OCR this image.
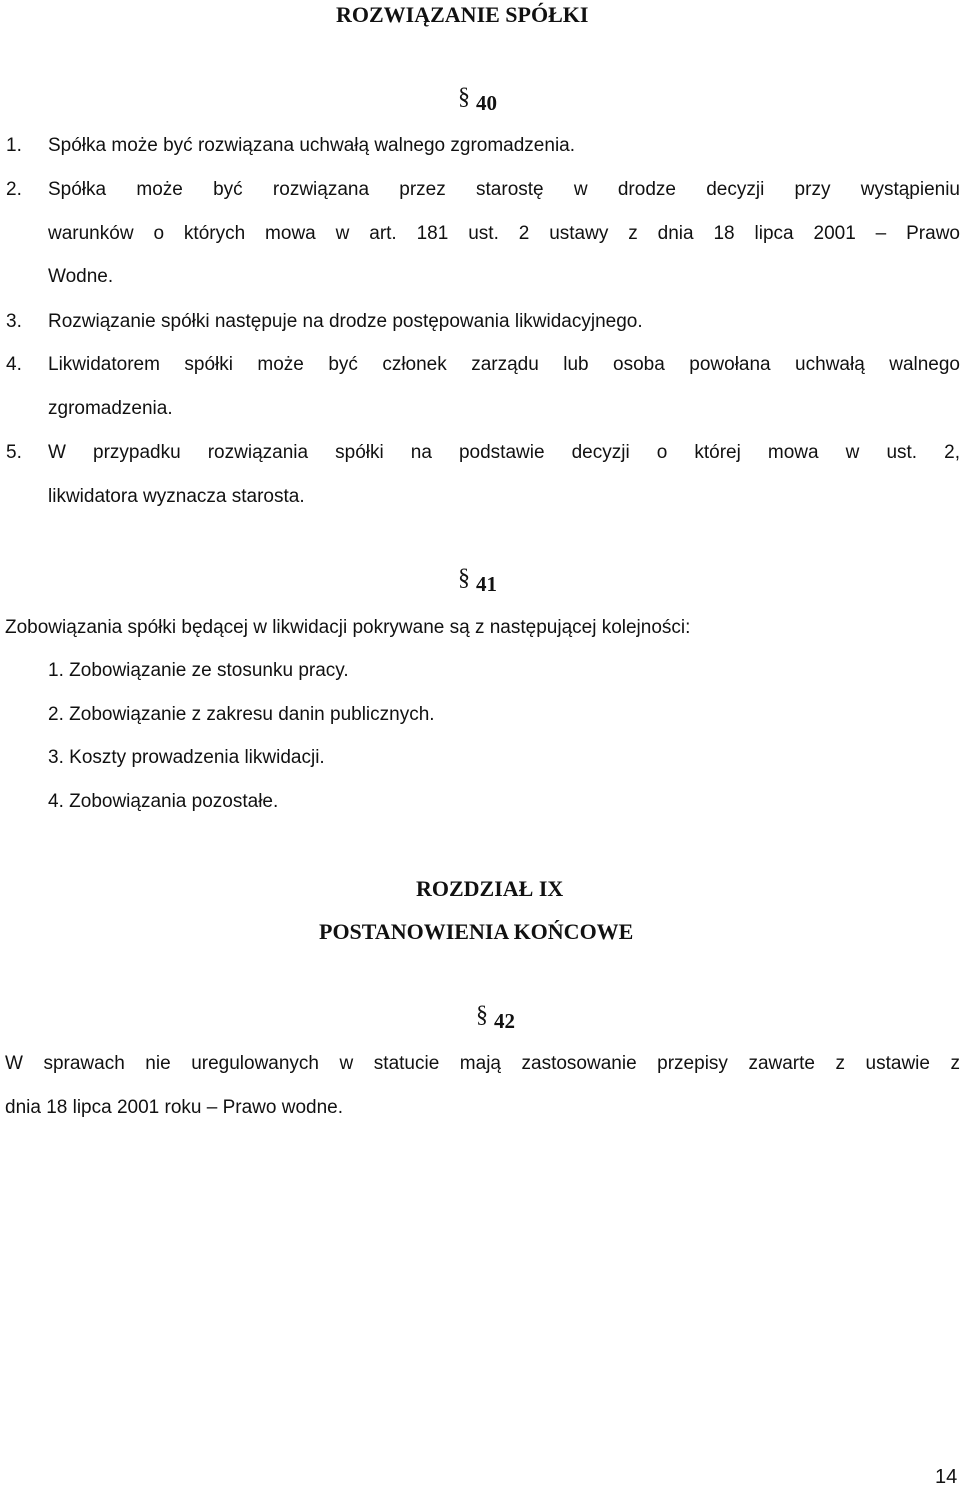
ROZWIĄZANIE SPÓŁKI
§ 40
1. Spółka może być rozwiązana uchwałą walnego zgromadzenia.
2. Spółka może być rozwiązana przez starostę w drodze decyzji przy wystąpieniu
warunków o których mowa w art. 181 ust. 2 ustawy z dnia 18 lipca 2001 – Prawo
Wodne.
3. Rozwiązanie spółki następuje na drodze postępowania likwidacyjnego.
4. Likwidatorem spółki może być członek zarządu lub osoba powołana uchwałą walnego
zgromadzenia.
5. W przypadku rozwiązania spółki na podstawie decyzji o której mowa w ust. 2,
likwidatora wyznacza starosta.
§ 41
Zobowiązania spółki będącej w likwidacji pokrywane są z następującej kolejności:
1. Zobowiązanie ze stosunku pracy.
2. Zobowiązanie z zakresu danin publicznych.
3. Koszty prowadzenia likwidacji.
4. Zobowiązania pozostałe.
ROZDZIAŁ IX
POSTANOWIENIA KOŃCOWE
§ 42
W sprawach nie uregulowanych w statucie mają zastosowanie przepisy zawarte z ustawie z
dnia 18 lipca 2001 roku – Prawo wodne.
14
